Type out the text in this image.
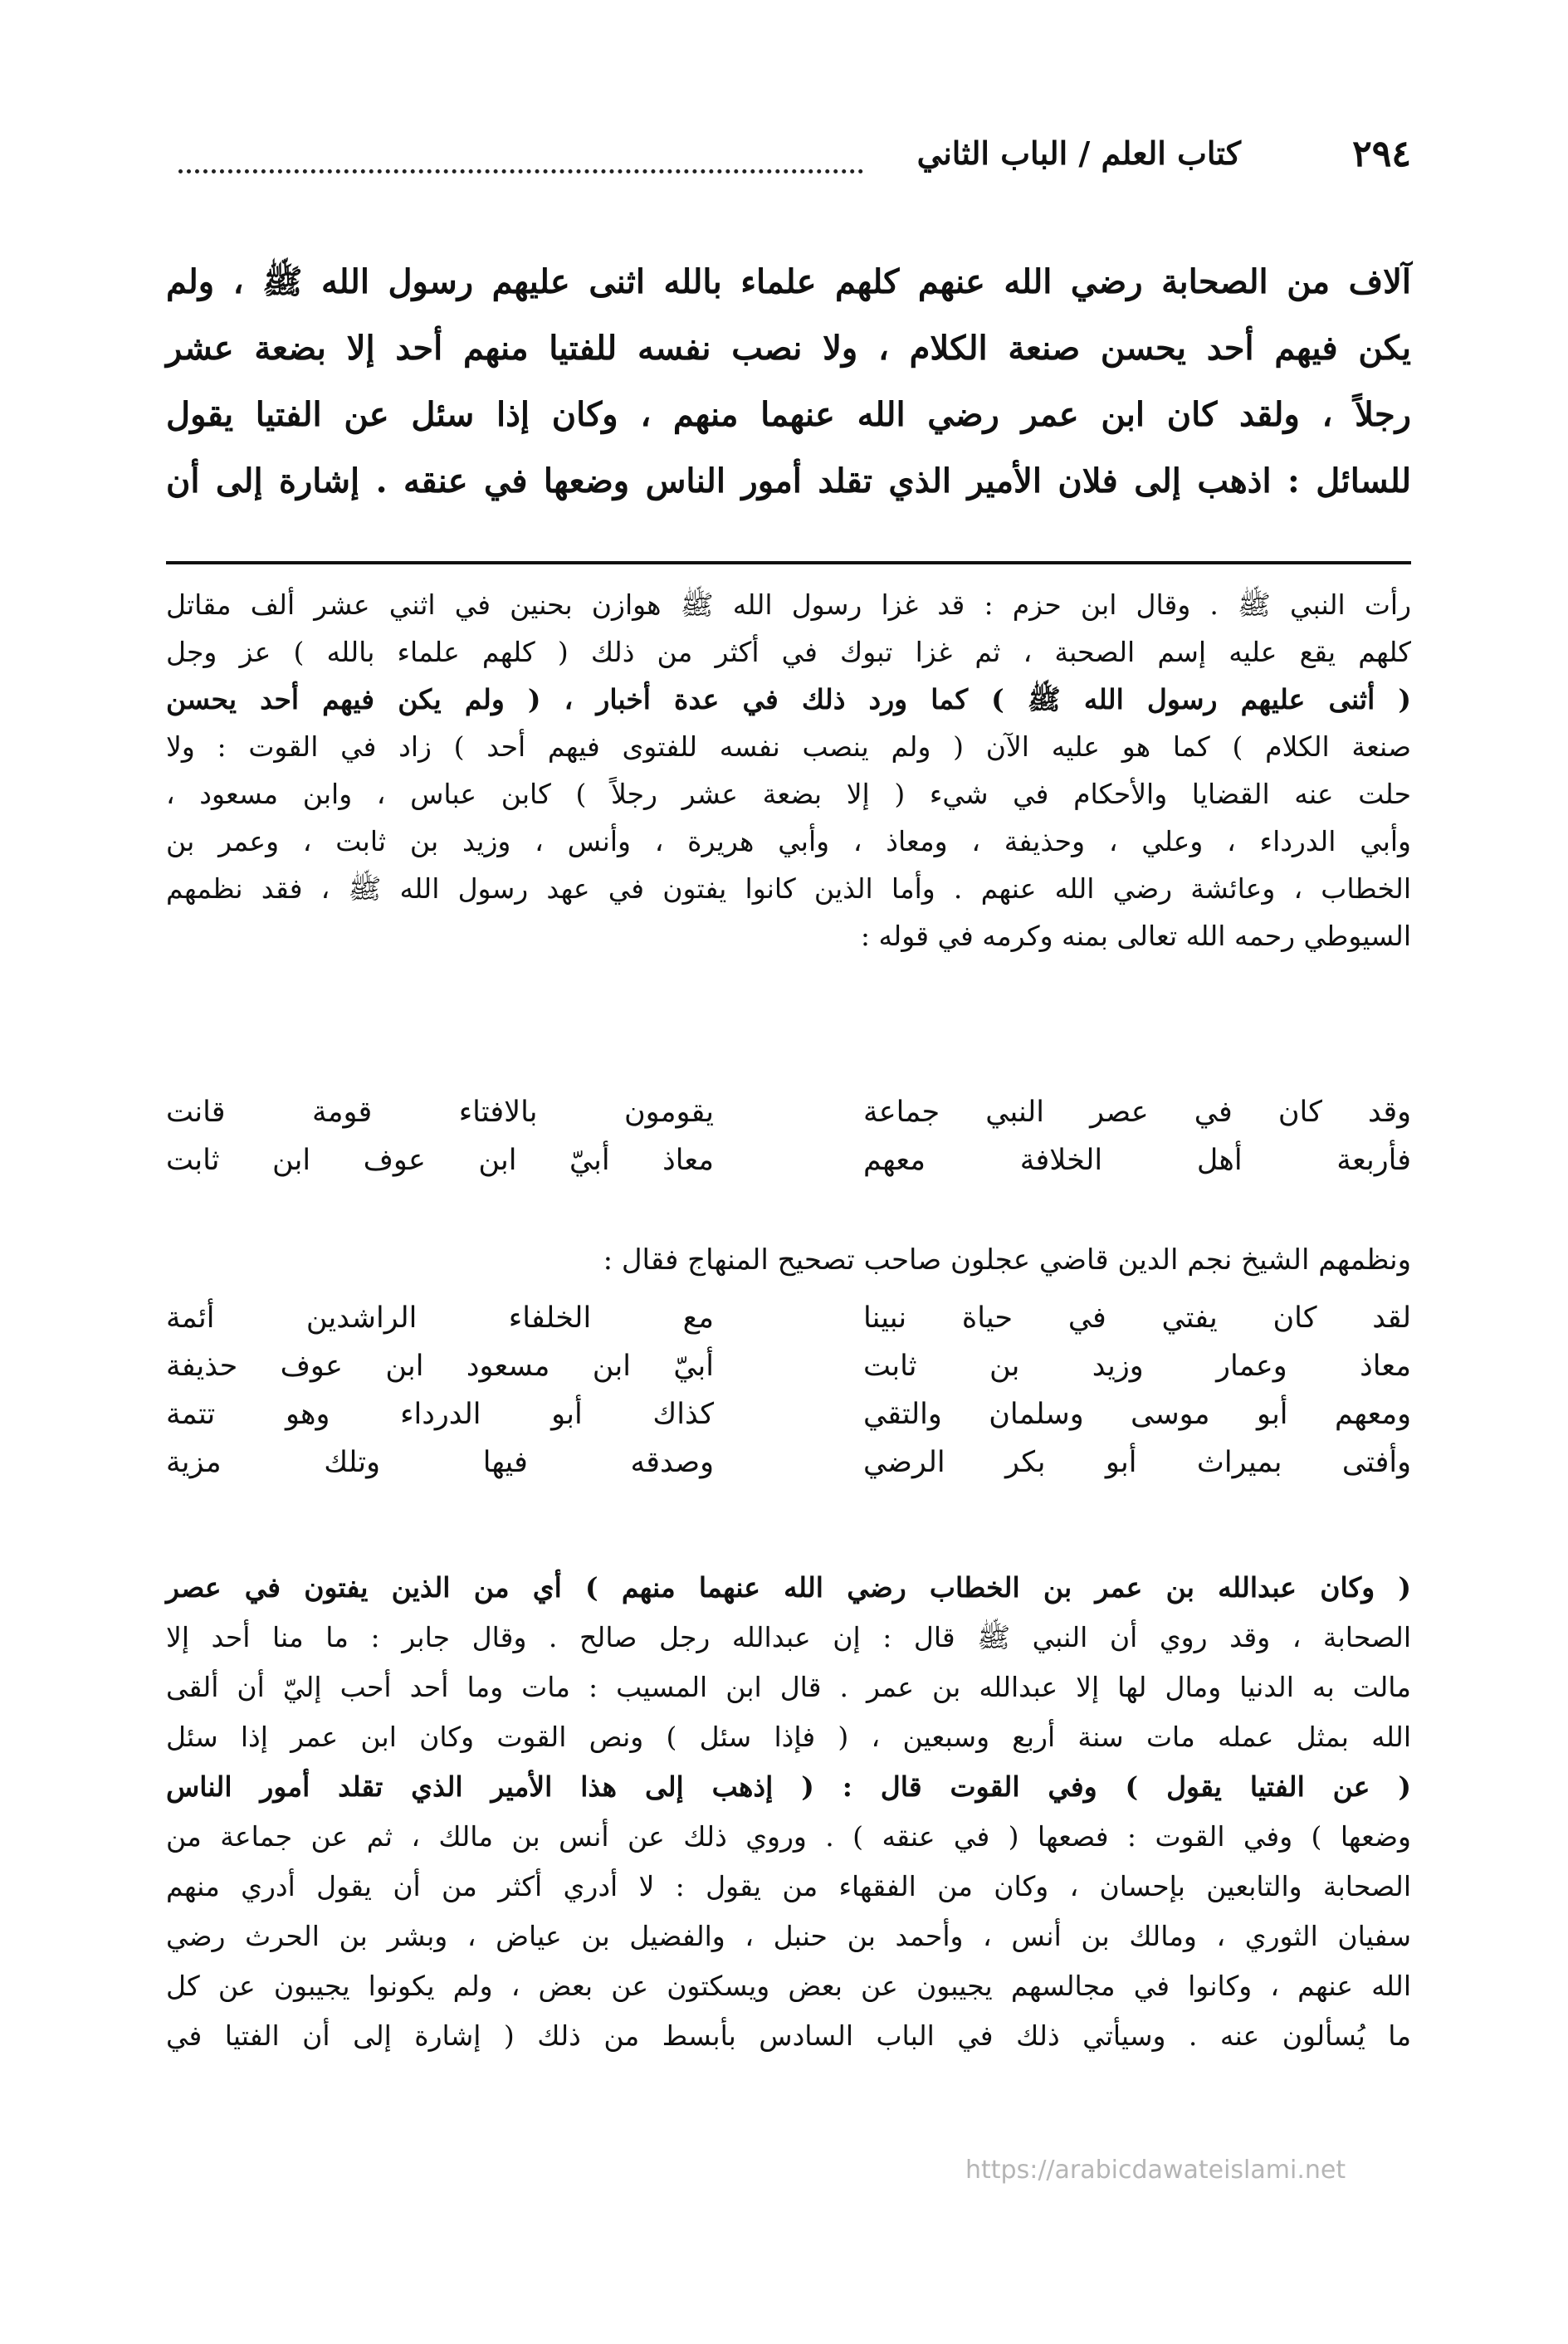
٢٩٤
كتاب العلم / الباب الثاني

آلاف من الصحابة رضي الله عنهم كلهم علماء بالله اثنى عليهم رسول الله ﷺ ، ولم

يكن فيهم أحد يحسن صنعة الكلام ، ولا نصب نفسه للفتيا منهم أحد إلا بضعة عشر

رجلاً ، ولقد كان ابن عمر رضي الله عنهما منهم ، وكان إذا سئل عن الفتيا يقول

للسائل : اذهب إلى فلان الأمير الذي تقلد أمور الناس وضعها في عنقه . إشارة إلى أن

رأت النبي ﷺ . وقال ابن حزم : قد غزا رسول الله ﷺ هوازن بحنين في اثني عشر ألف مقاتل

كلهم يقع عليه إسم الصحبة ، ثم غزا تبوك في أكثر من ذلك ( كلهم علماء بالله ) عز وجل

( أثنى عليهم رسول الله ﷺ ) كما ورد ذلك في عدة أخبار ، ( ولم يكن فيهم أحد يحسن

صنعة الكلام ) كما هو عليه الآن ( ولم ينصب نفسه للفتوى فيهم أحد ) زاد في القوت : ولا

حلت عنه القضايا والأحكام في شيء ( إلا بضعة عشر رجلاً ) كابن عباس ، وابن مسعود ،

وأبي الدرداء ، وعلي ، وحذيفة ، ومعاذ ، وأبي هريرة ، وأنس ، وزيد بن ثابت ، وعمر بن

الخطاب ، وعائشة رضي الله عنهم . وأما الذين كانوا يفتون في عهد رسول الله ﷺ ، فقد نظمهم

السيوطي رحمه الله تعالى بمنه وكرمه في قوله :

وقد كان في عصر النبي جماعة
يقومون بالافتاء قومة قانت
فأربعة أهل الخلافة معهم
معاذ أبيّ ابن عوف ابن ثابت
ونظمهم الشيخ نجم الدين قاضي عجلون صاحب تصحيح المنهاج فقال :
لقد كان يفتي في حياة نبينا
مع الخلفاء الراشدين أئمة
معاذ وعمار وزيد بن ثابت
أبيّ ابن مسعود ابن عوف حذيفة
ومعهم أبو موسى وسلمان والتقي
كذاك أبو الدرداء وهو تتمة
وأفتى بميراث أبو بكر الرضي
وصدقه فيها وتلك مزية

( وكان عبدالله بن عمر بن الخطاب رضي الله عنهما منهم ) أي من الذين يفتون في عصر

الصحابة ، وقد روي أن النبي ﷺ قال : إن عبدالله رجل صالح . وقال جابر : ما منا أحد إلا

مالت به الدنيا ومال لها إلا عبدالله بن عمر . قال ابن المسيب : مات وما أحد أحب إليّ أن ألقى

الله بمثل عمله مات سنة أربع وسبعين ، ( فإذا سئل ) ونص القوت وكان ابن عمر إذا سئل

( عن الفتيا يقول ) وفي القوت قال : ( إذهب إلى هذا الأمير الذي تقلد أمور الناس

وضعها ) وفي القوت : فصعها ( في عنقه ) . وروي ذلك عن أنس بن مالك ، ثم عن جماعة من

الصحابة والتابعين بإحسان ، وكان من الفقهاء من يقول : لا أدري أكثر من أن يقول أدري منهم

سفيان الثوري ، ومالك بن أنس ، وأحمد بن حنبل ، والفضيل بن عياض ، وبشر بن الحرث رضي

الله عنهم ، وكانوا في مجالسهم يجيبون عن بعض ويسكتون عن بعض ، ولم يكونوا يجيبون عن كل

ما يُسألون عنه . وسيأتي ذلك في الباب السادس بأبسط من ذلك ( إشارة إلى أن الفتيا في

https://arabicdawateislami.net
